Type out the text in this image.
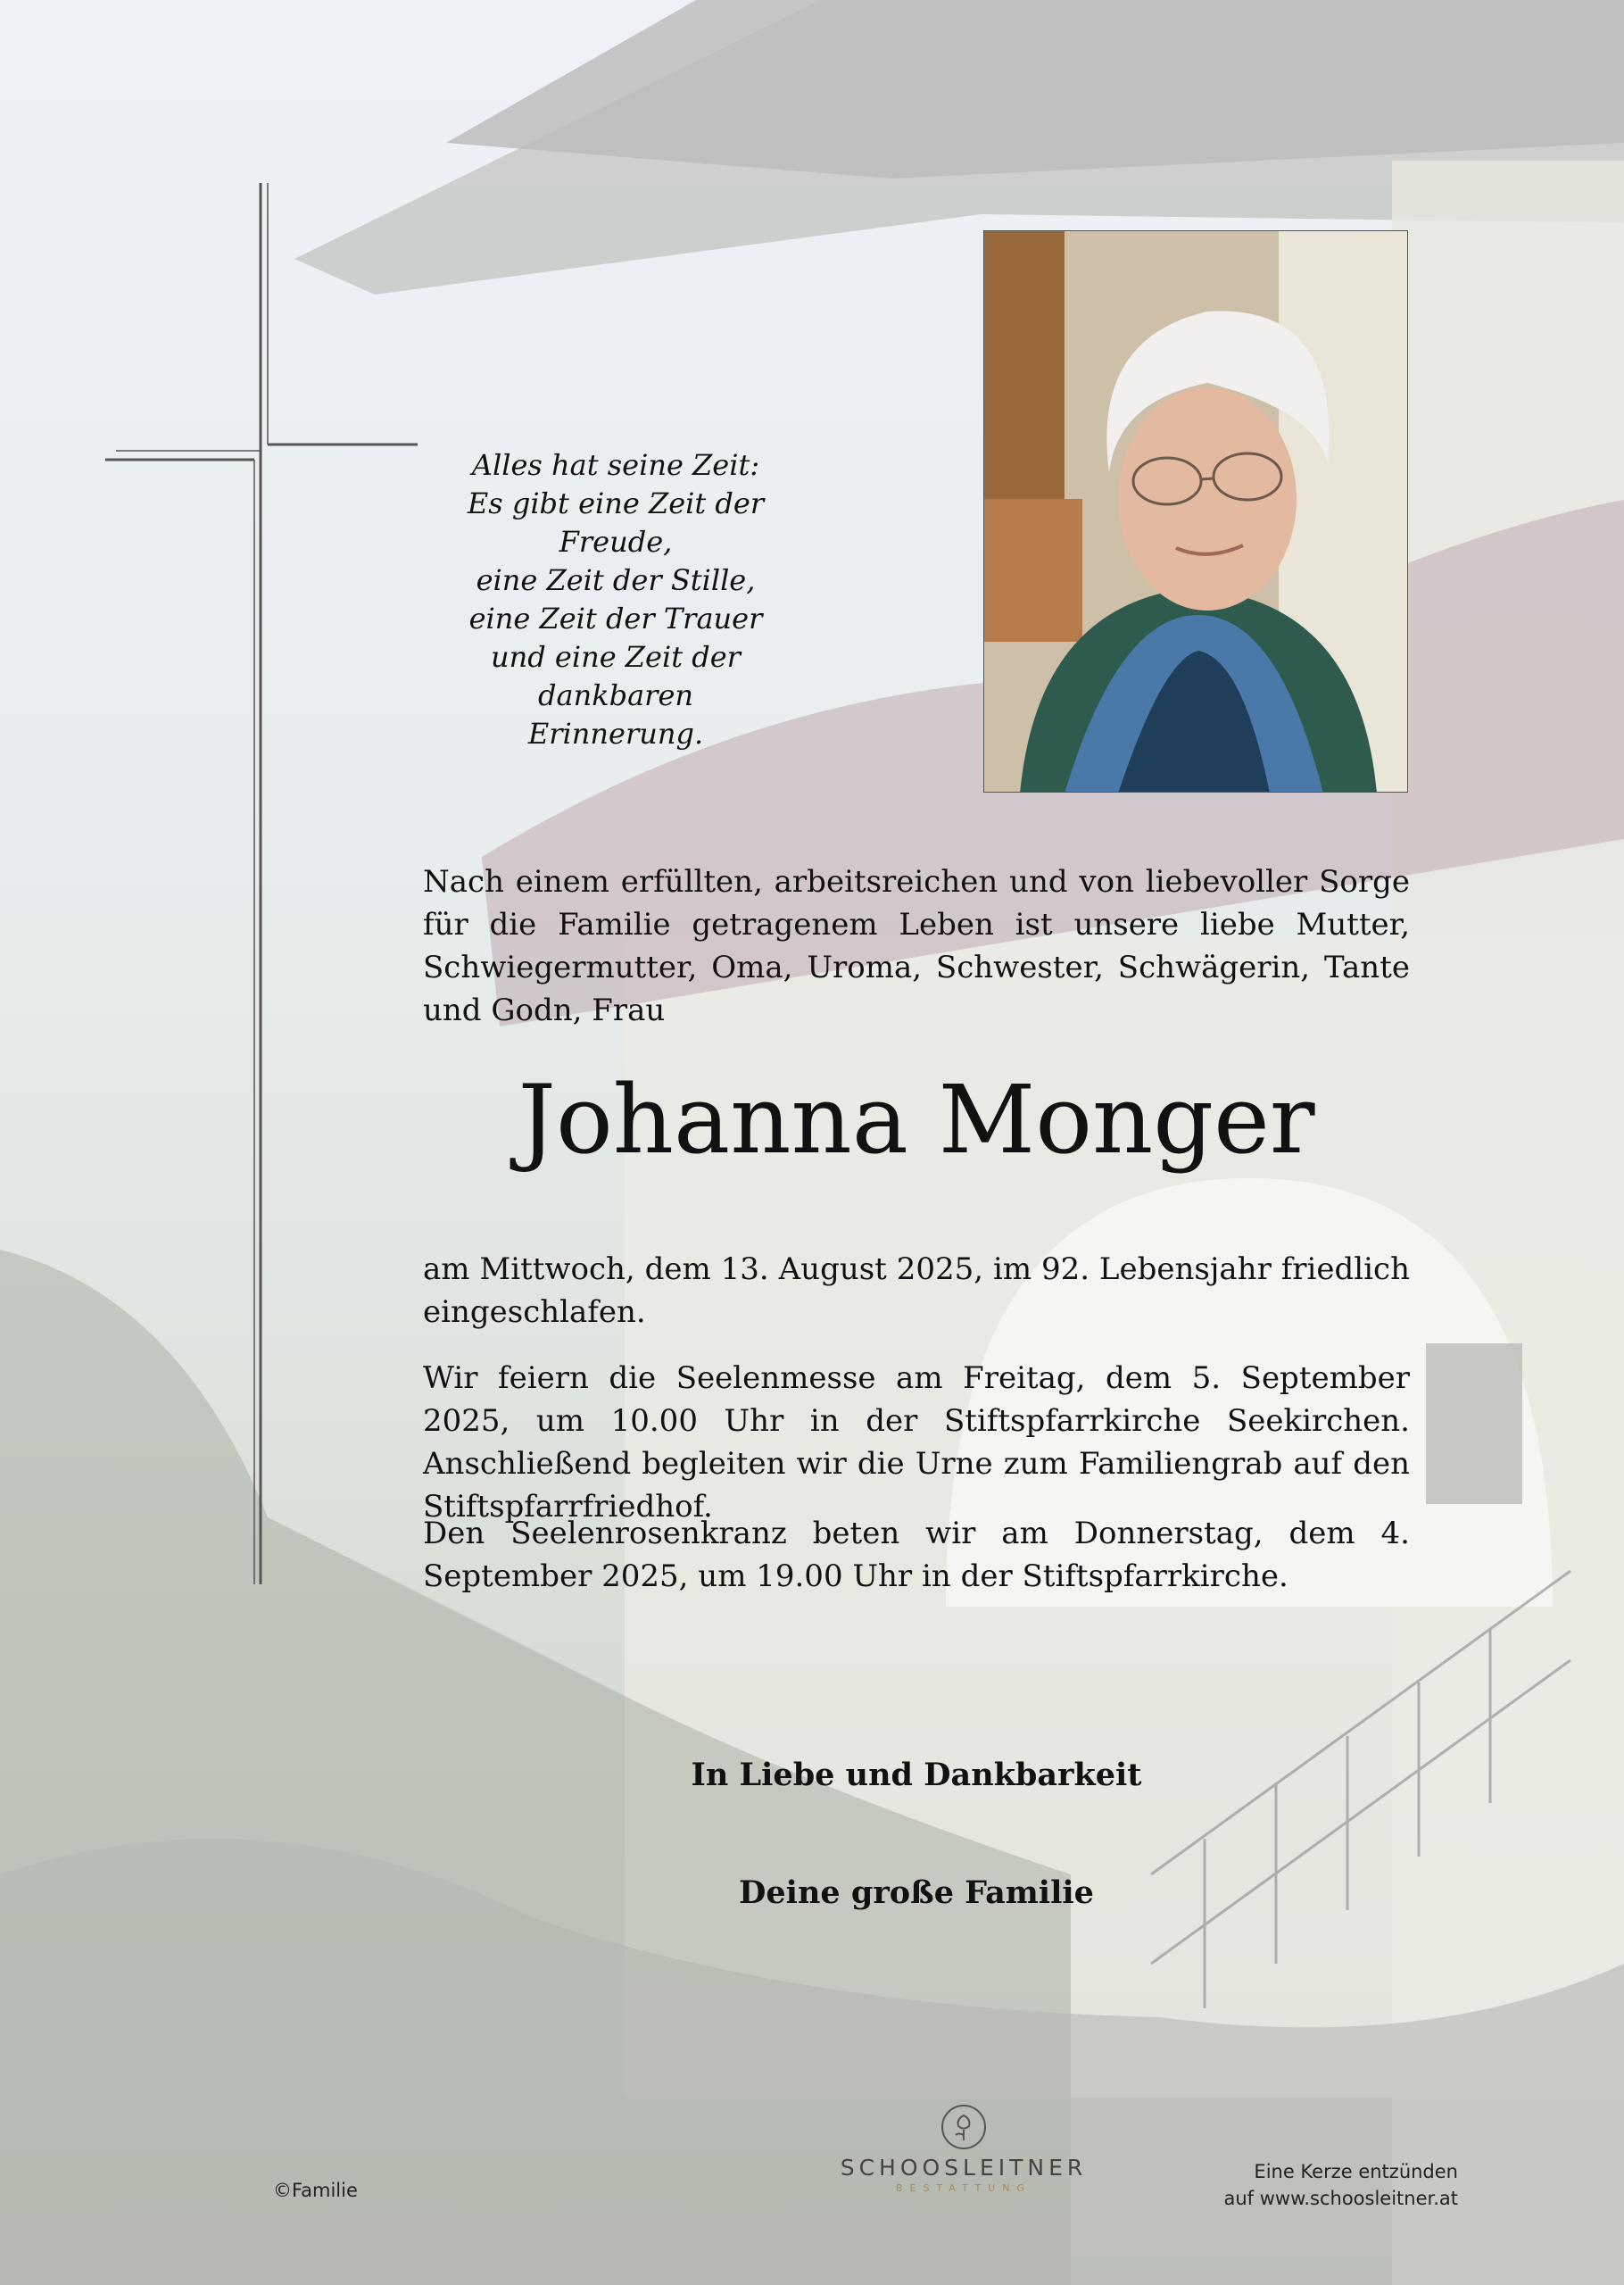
Alles hat seine Zeit:
Es gibt eine Zeit der Freude,
eine Zeit der Stille,
eine Zeit der Trauer
und eine Zeit der dankbaren
Erinnerung.
Nach einem erfüllten, arbeitsreichen und von liebevoller Sorge für die Familie getragenem Leben ist unsere liebe Mutter, Schwiegermutter, Oma, Uroma, Schwester, Schwägerin, Tante und Godn, Frau
Johanna Monger
am Mittwoch, dem 13. August 2025, im 92. Lebensjahr friedlich eingeschlafen.
Wir feiern die Seelenmesse am Freitag, dem 5. September 2025, um 10.00 Uhr in der Stiftspfarrkirche Seekirchen. Anschließend begleiten wir die Urne zum Familiengrab auf den Stiftspfarrfriedhof.
Den Seelenrosenkranz beten wir am Donnerstag, dem 4. September 2025, um 19.00 Uhr in der Stiftspfarrkirche.
In Liebe und Dankbarkeit
Deine große Familie
©Familie
SCHOOSLEITNER
BESTATTUNG
Eine Kerze entzünden
auf www.schoosleitner.at
